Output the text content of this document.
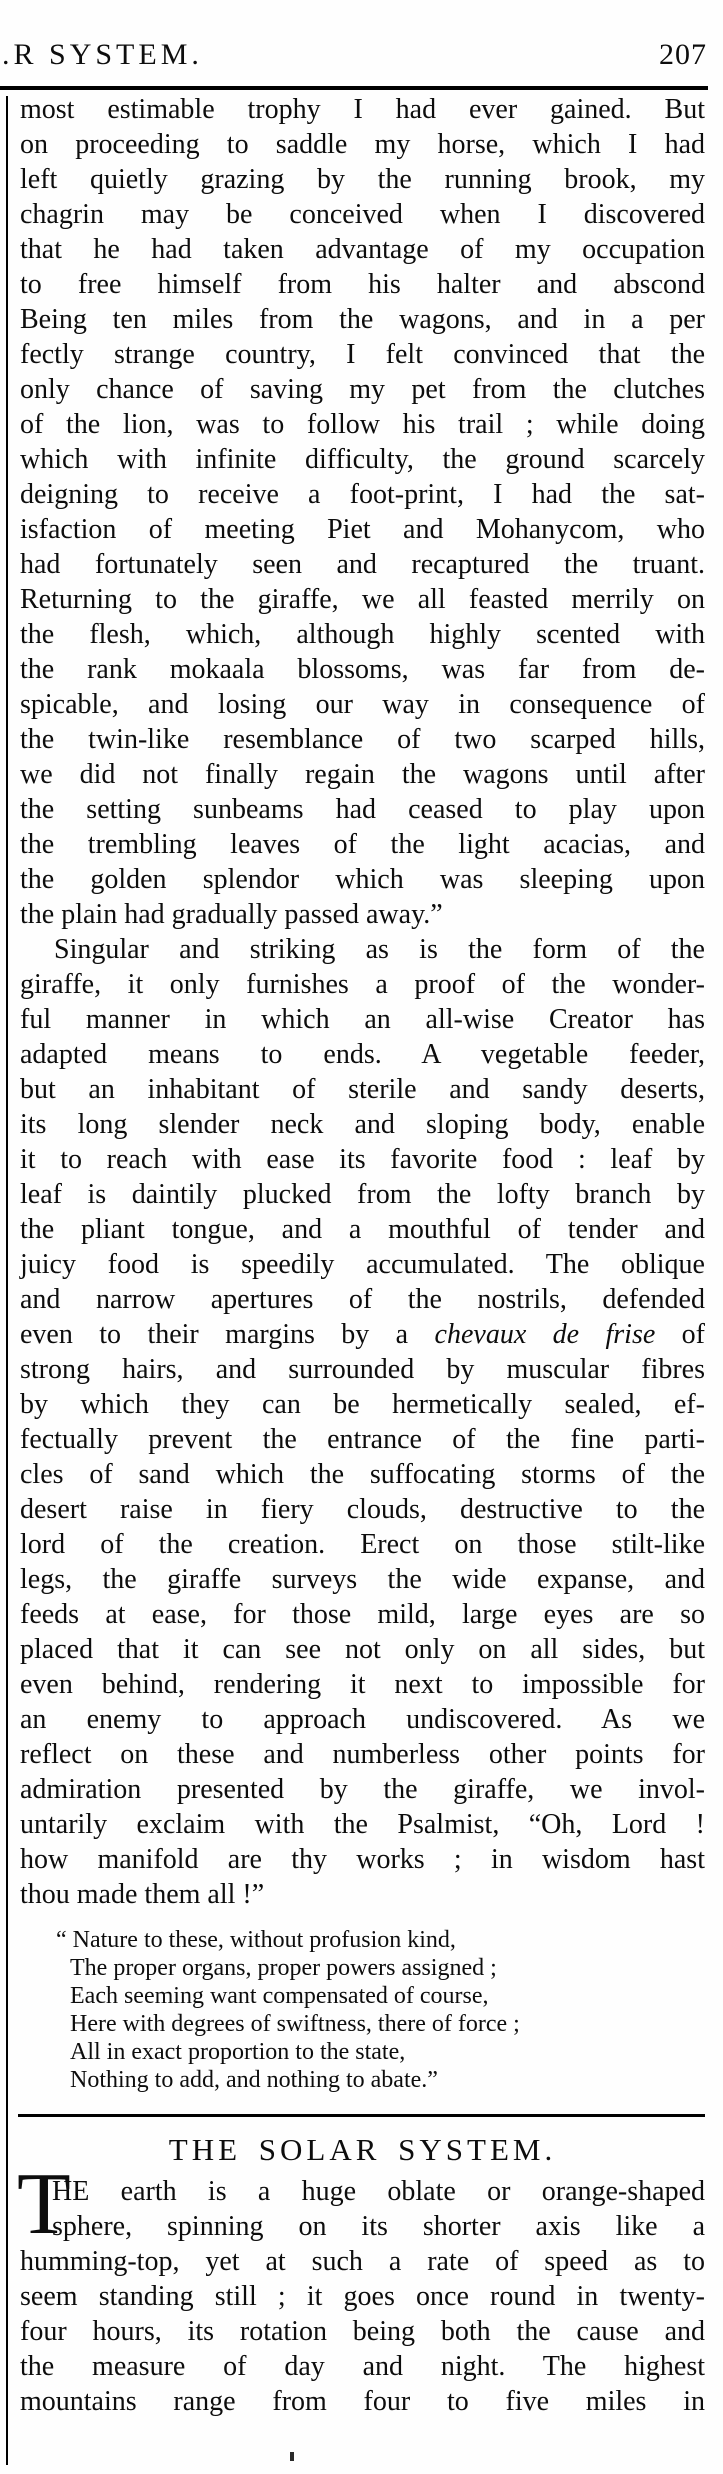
.R SYSTEM.	207
most estimable trophy I had ever gained. But
on proceeding to saddle my horse, which I had
left quietly grazing by the running brook, my
chagrin may be conceived when I discovered
that he had taken advantage of my occupation
to free himself from his halter and abscond
Being ten miles from the wagons, and in a per
fectly strange country, I felt convinced that the
only chance of saving my pet from the clutches
of the lion, was to follow his trail ; while doing
which with infinite difficulty, the ground scarcely
deigning to receive a foot-print, I had the sat-
isfaction of meeting Piet and Mohanycom, who
had fortunately seen and recaptured the truant.
Returning to the giraffe, we all feasted merrily on
the flesh, which, although highly scented with
the rank mokaala blossoms, was far from de-
spicable, and losing our way in consequence of
the twin-like resemblance of two scarped hills,
we did not finally regain the wagons until after
the setting sunbeams had ceased to play upon
the trembling leaves of the light acacias, and
the golden splendor which was sleeping upon
the plain had gradually passed away.”
Singular and striking as is the form of the
giraffe, it only furnishes a proof of the wonder-
ful manner in which an all-wise Creator has
adapted means to ends. A vegetable feeder,
but an inhabitant of sterile and sandy deserts,
its long slender neck and sloping body, enable
it to reach with ease its favorite food : leaf by
leaf is daintily plucked from the lofty branch by
the pliant tongue, and a mouthful of tender and
juicy food is speedily accumulated. The oblique
and narrow apertures of the nostrils, defended
even to their margins by a chevaux de frise of
strong hairs, and surrounded by muscular fibres
by which they can be hermetically sealed, ef-
fectually prevent the entrance of the fine parti-
cles of sand which the suffocating storms of the
desert raise in fiery clouds, destructive to the
lord of the creation. Erect on those stilt-like
legs, the giraffe surveys the wide expanse, and
feeds at ease, for those mild, large eyes are so
placed that it can see not only on all sides, but
even behind, rendering it next to impossible for
an enemy to approach undiscovered. As we
reflect on these and numberless other points for
admiration presented by the giraffe, we invol-
untarily exclaim with the Psalmist, “Oh, Lord !
how manifold are thy works ; in wisdom hast
thou made them all !”
“ Nature to these, without profusion kind,
The proper organs, proper powers assigned ;
Each seeming want compensated of course,
Here with degrees of swiftness, there of force ;
All in exact proportion to the state,
Nothing to add, and nothing to abate.”
THE SOLAR SYSTEM.
T
HE earth is a huge oblate or orange-shaped
sphere, spinning on its shorter axis like a
humming-top, yet at such a rate of speed as to
seem standing still ; it goes once round in twenty-
four hours, its rotation being both the cause and
the measure of day and night. The highest
mountains range from four to five miles in
